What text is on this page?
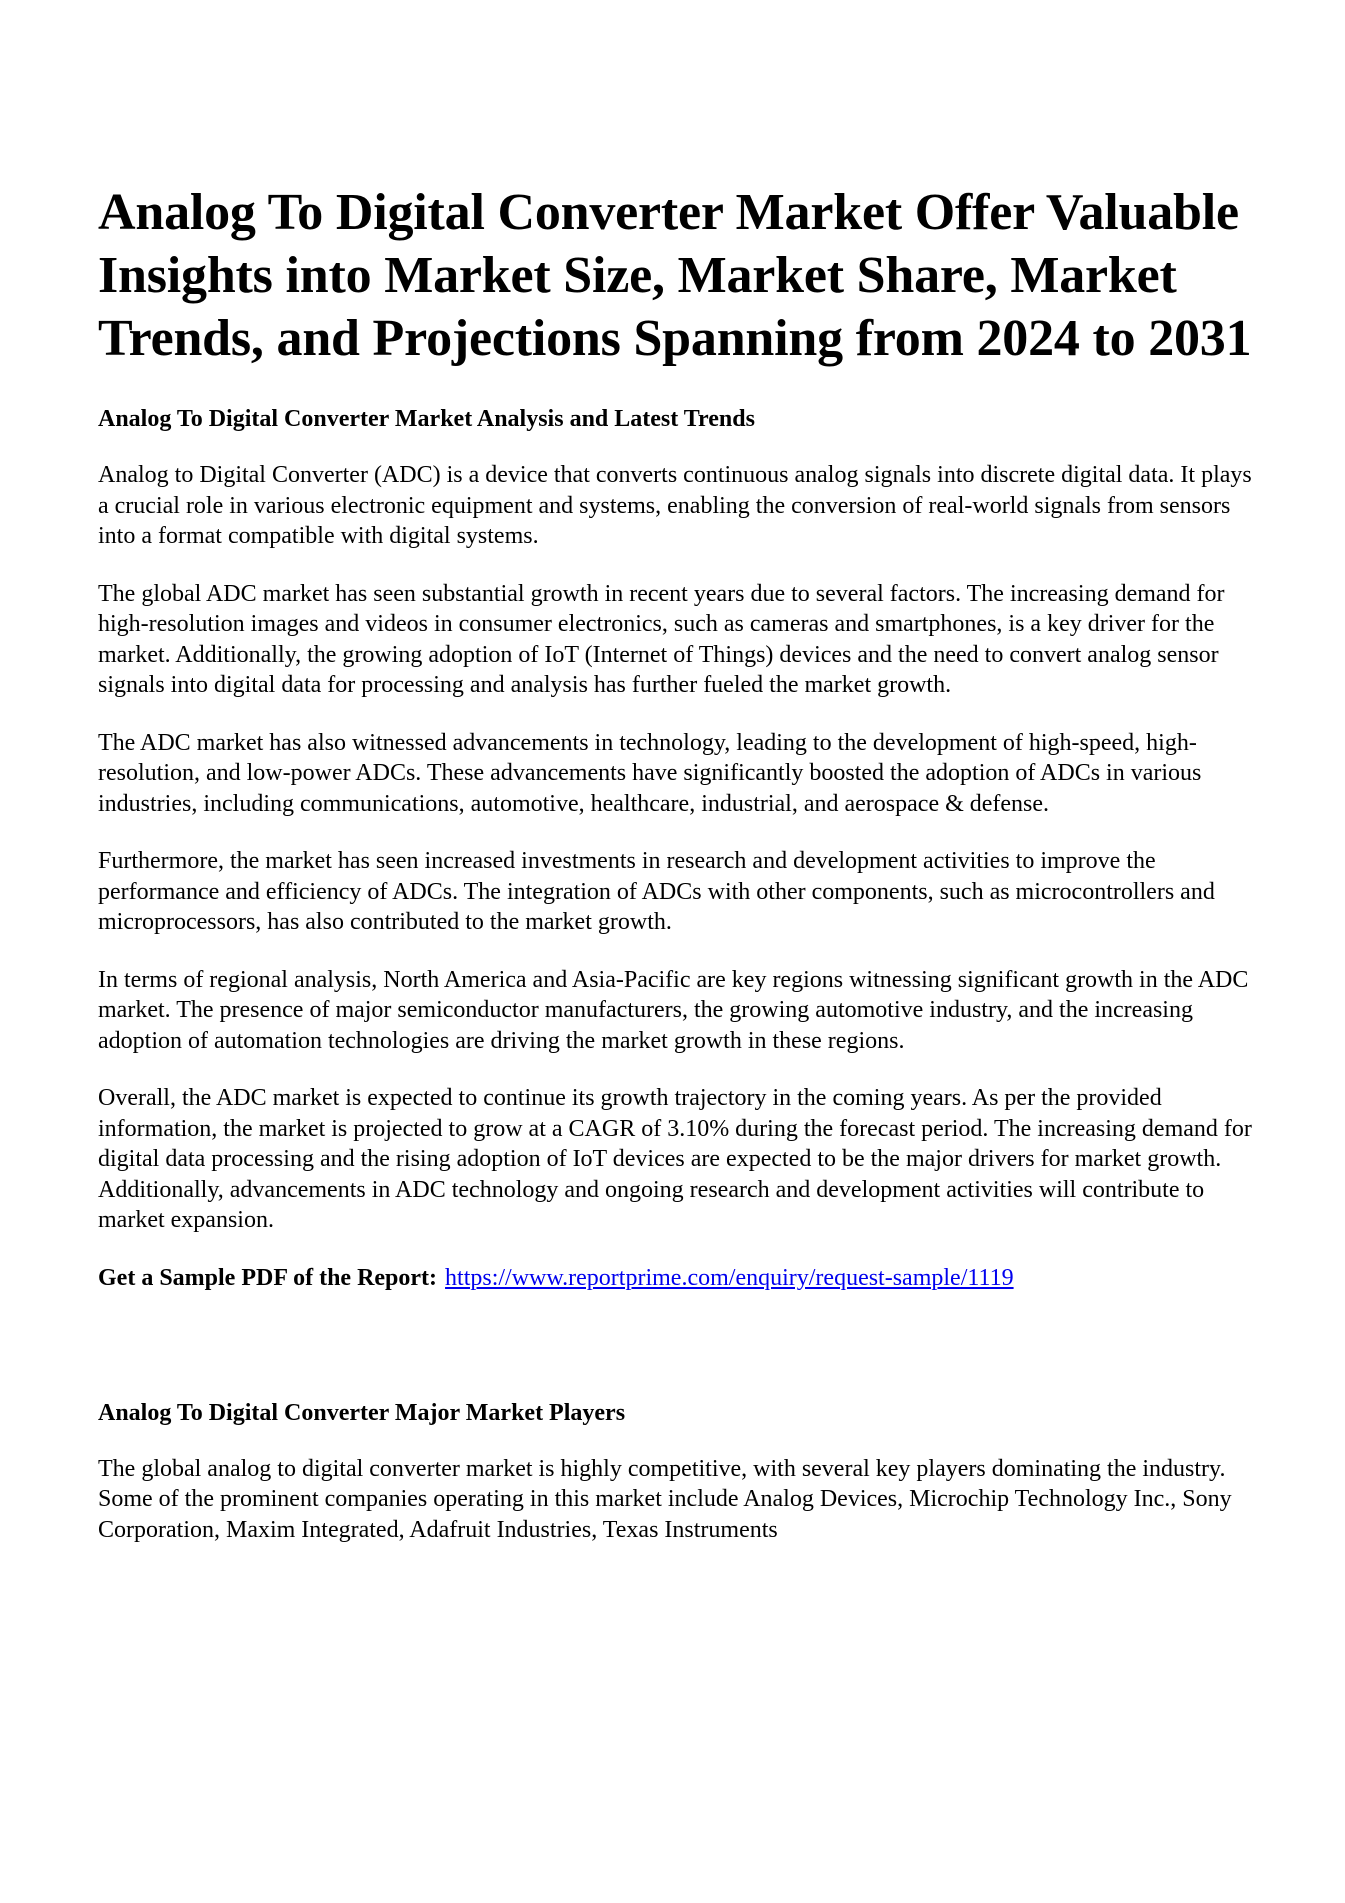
Analog To Digital Converter Market Offer Valuable Insights into Market Size, Market Share, Market Trends, and Projections Spanning from 2024 to 2031
Analog To Digital Converter Market Analysis and Latest Trends

Analog to Digital Converter (ADC) is a device that converts continuous analog signals into discrete digital data. It plays a crucial role in various electronic equipment and systems, enabling the conversion of real-world signals from sensors into a format compatible with digital systems.

The global ADC market has seen substantial growth in recent years due to several factors. The increasing demand for high-resolution images and videos in consumer electronics, such as cameras and smartphones, is a key driver for the market. Additionally, the growing adoption of IoT (Internet of Things) devices and the need to convert analog sensor signals into digital data for processing and analysis has further fueled the market growth.

The ADC market has also witnessed advancements in technology, leading to the development of high-speed, high-resolution, and low-power ADCs. These advancements have significantly boosted the adoption of ADCs in various industries, including communications, automotive, healthcare, industrial, and aerospace & defense.

Furthermore, the market has seen increased investments in research and development activities to improve the performance and efficiency of ADCs. The integration of ADCs with other components, such as microcontrollers and microprocessors, has also contributed to the market growth.

In terms of regional analysis, North America and Asia-Pacific are key regions witnessing significant growth in the ADC market. The presence of major semiconductor manufacturers, the growing automotive industry, and the increasing adoption of automation technologies are driving the market growth in these regions.

Overall, the ADC market is expected to continue its growth trajectory in the coming years. As per the provided information, the market is projected to grow at a CAGR of 3.10% during the forecast period. The increasing demand for digital data processing and the rising adoption of IoT devices are expected to be the major drivers for market growth. Additionally, advancements in ADC technology and ongoing research and development activities will contribute to market expansion.

Get a Sample PDF of the Report: https://www.reportprime.com/enquiry/request-sample/1119
Analog To Digital Converter Major Market Players

The global analog to digital converter market is highly competitive, with several key players dominating the industry. Some of the prominent companies operating in this market include Analog Devices, Microchip Technology Inc., Sony Corporation, Maxim Integrated, Adafruit Industries, Texas Instruments
